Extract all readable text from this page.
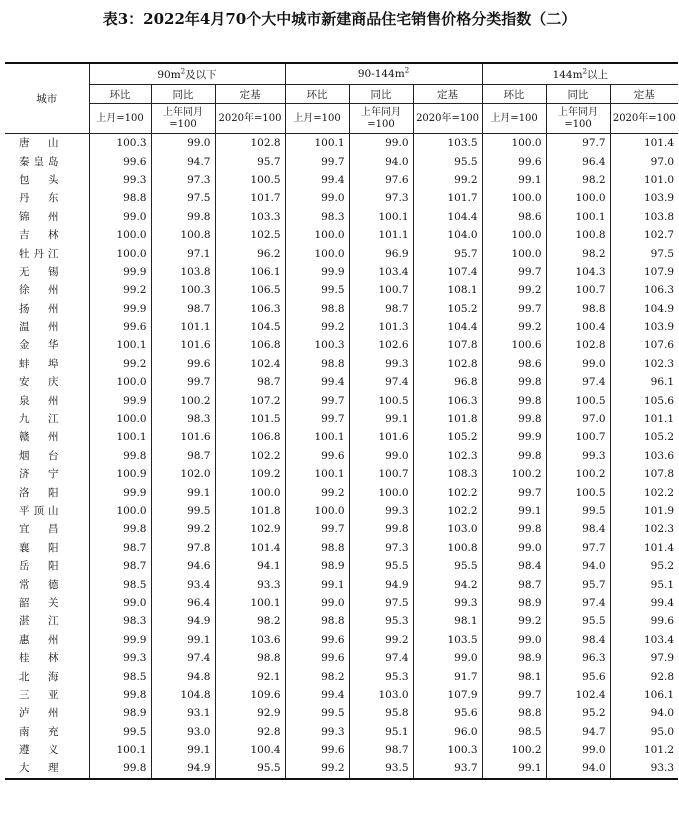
表3：2022年4月70个大中城市新建商品住宅销售价格分类指数（二）
城市	$90m^2$及以下			$90-144m^2$			$144m^2$以上		
	环比	同比	定基	环比	同比	定基	环比	同比	定基
	上月=100	上年同月=100	2020年=100	上月=100	上年同月=100	2020年=100	上月=100	上年同月=100	2020年=100
唐山	100.3	99.0	102.8	100.1	99.0	103.5	100.0	97.7	101.4
秦皇岛	99.6	94.7	95.7	99.7	94.0	95.5	99.6	96.4	97.0
包头	99.3	97.3	100.5	99.4	97.6	99.2	99.1	98.2	101.0
丹东	98.8	97.5	101.7	99.0	97.3	101.7	100.0	100.0	103.9
锦州	99.0	99.8	103.3	98.3	100.1	104.4	98.6	100.1	103.8
吉林	100.0	100.8	102.5	100.0	101.1	104.0	100.0	100.8	102.7
牡丹江	100.0	97.1	96.2	100.0	96.9	95.7	100.0	98.2	97.5
无锡	99.9	103.8	106.1	99.9	103.4	107.4	99.7	104.3	107.9
徐州	99.2	100.3	106.5	99.5	100.7	108.1	99.2	100.7	106.3
扬州	99.9	98.7	106.3	98.8	98.7	105.2	99.7	98.8	104.9
温州	99.6	101.1	104.5	99.2	101.3	104.4	99.2	100.4	103.9
金华	100.1	101.6	106.8	100.3	102.6	107.8	100.6	102.8	107.6
蚌埠	99.2	99.6	102.4	98.8	99.3	102.8	98.6	99.0	102.3
安庆	100.0	99.7	98.7	99.4	97.4	96.8	99.8	97.4	96.1
泉州	99.9	100.2	107.2	99.7	100.5	106.3	99.8	100.5	105.6
九江	100.0	98.3	101.5	99.7	99.1	101.8	99.8	97.0	101.1
赣州	100.1	101.6	106.8	100.1	101.6	105.2	99.9	100.7	105.2
烟台	99.8	98.7	102.2	99.6	99.0	102.3	99.8	99.3	103.6
济宁	100.9	102.0	109.2	100.1	100.7	108.3	100.2	100.2	107.8
洛阳	99.9	99.1	100.0	99.2	100.0	102.2	99.7	100.5	102.2
平顶山	100.0	99.5	101.8	100.0	99.3	102.2	99.1	99.5	101.9
宜昌	99.8	99.2	102.9	99.7	99.8	103.0	99.8	98.4	102.3
襄阳	98.7	97.8	101.4	98.8	97.3	100.8	99.0	97.7	101.4
岳阳	98.7	94.6	94.1	98.9	95.5	95.5	98.4	94.0	95.2
常德	98.5	93.4	93.3	99.1	94.9	94.2	98.7	95.7	95.1
韶关	99.0	96.4	100.1	99.0	97.5	99.3	98.9	97.4	99.4
湛江	98.3	94.9	98.2	98.8	95.3	98.1	99.2	95.5	99.6
惠州	99.9	99.1	103.6	99.6	99.2	103.5	99.0	98.4	103.4
桂林	99.3	97.4	98.8	99.6	97.4	99.0	98.9	96.3	97.9
北海	98.5	94.8	92.1	98.2	95.3	91.7	98.1	95.6	92.8
三亚	99.8	104.8	109.6	99.4	103.0	107.9	99.7	102.4	106.1
泸州	98.9	93.1	92.9	99.5	95.8	95.6	98.8	95.2	94.0
南充	99.5	93.0	92.8	99.3	95.1	96.0	98.5	94.7	95.0
遵义	100.1	99.1	100.4	99.6	98.7	100.3	100.2	99.0	101.2
大理	99.8	94.9	95.5	99.2	93.5	93.7	99.1	94.0	93.3
